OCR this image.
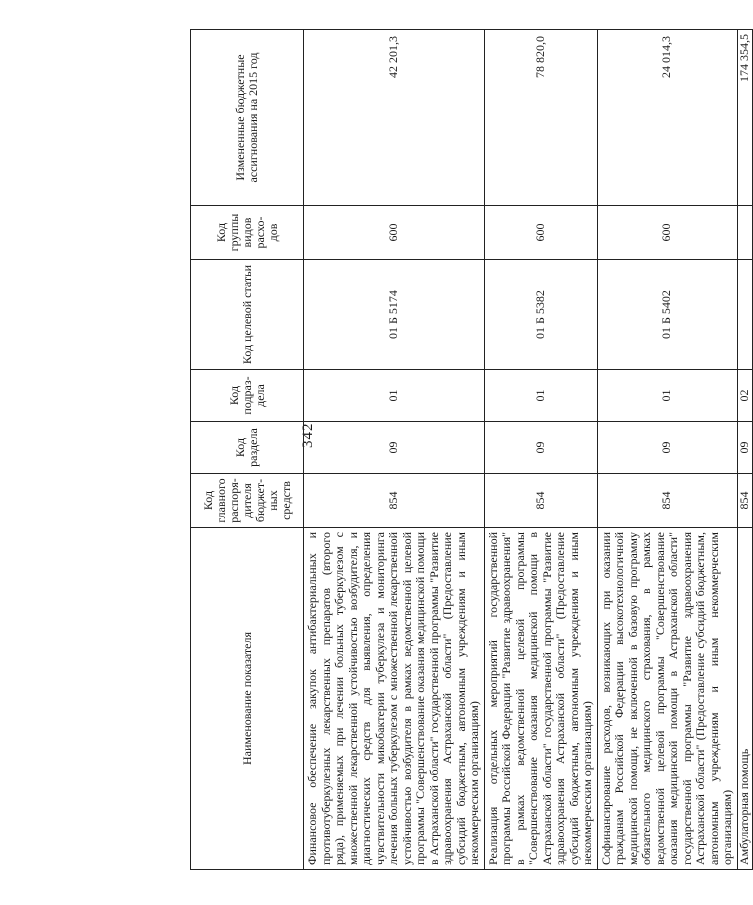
342
Наименование показателя	Код главного распоря-дителя бюджет-ных средств	Код раздела	Код подраз-дела	Код целевой статьи	Код группы видов расхо-дов	Измененные бюджетные ассигнования на 2015 год
Финансовое обеспечение закупок антибактериальных и противотуберкулезных лекарственных препаратов (второго ряда), применяемых при лечении больных туберкулезом с множественной лекарственной устойчивостью возбудителя, и диагностических средств для выявления, определения чувствительности микобактерии туберкулеза и мониторинга лечения больных туберкулезом с множественной лекарственной устойчивостью возбудителя в рамках ведомственной целевой программы "Совершенствование оказания медицинской помощи в Астраханской области" государственной программы "Развитие здравоохранения Астраханской области" (Предоставление субсидий бюджетным, автономным учреждениям и иным некоммерческим организациям)	854	09	01	01 Б 5174	600	42 201,3
Реализация отдельных мероприятий государственной программы Российской Федерации "Развитие здравоохранения" в рамках ведомственной целевой программы "Совершенствование оказания медицинской помощи в Астраханской области" государственной программы "Развитие здравоохранения Астраханской области" (Предоставление субсидий бюджетным, автономным учреждениям и иным некоммерческим организациям)	854	09	01	01 Б 5382	600	78 820,0
Софинансирование расходов, возникающих при оказании гражданам Российской Федерации высокотехнологичной медицинской помощи, не включенной в базовую программу обязательного медицинского страхования, в рамках ведомственной целевой программы "Совершенствование оказания медицинской помощи в Астраханской области" государственной программы "Развитие здравоохранения Астраханской области" (Предоставление субсидий бюджетным, автономным учреждениям и иным некоммерческим организациям)	854	09	01	01 Б 5402	600	24 014,3
Амбулаторная помощь	854	09	02			174 354,5
